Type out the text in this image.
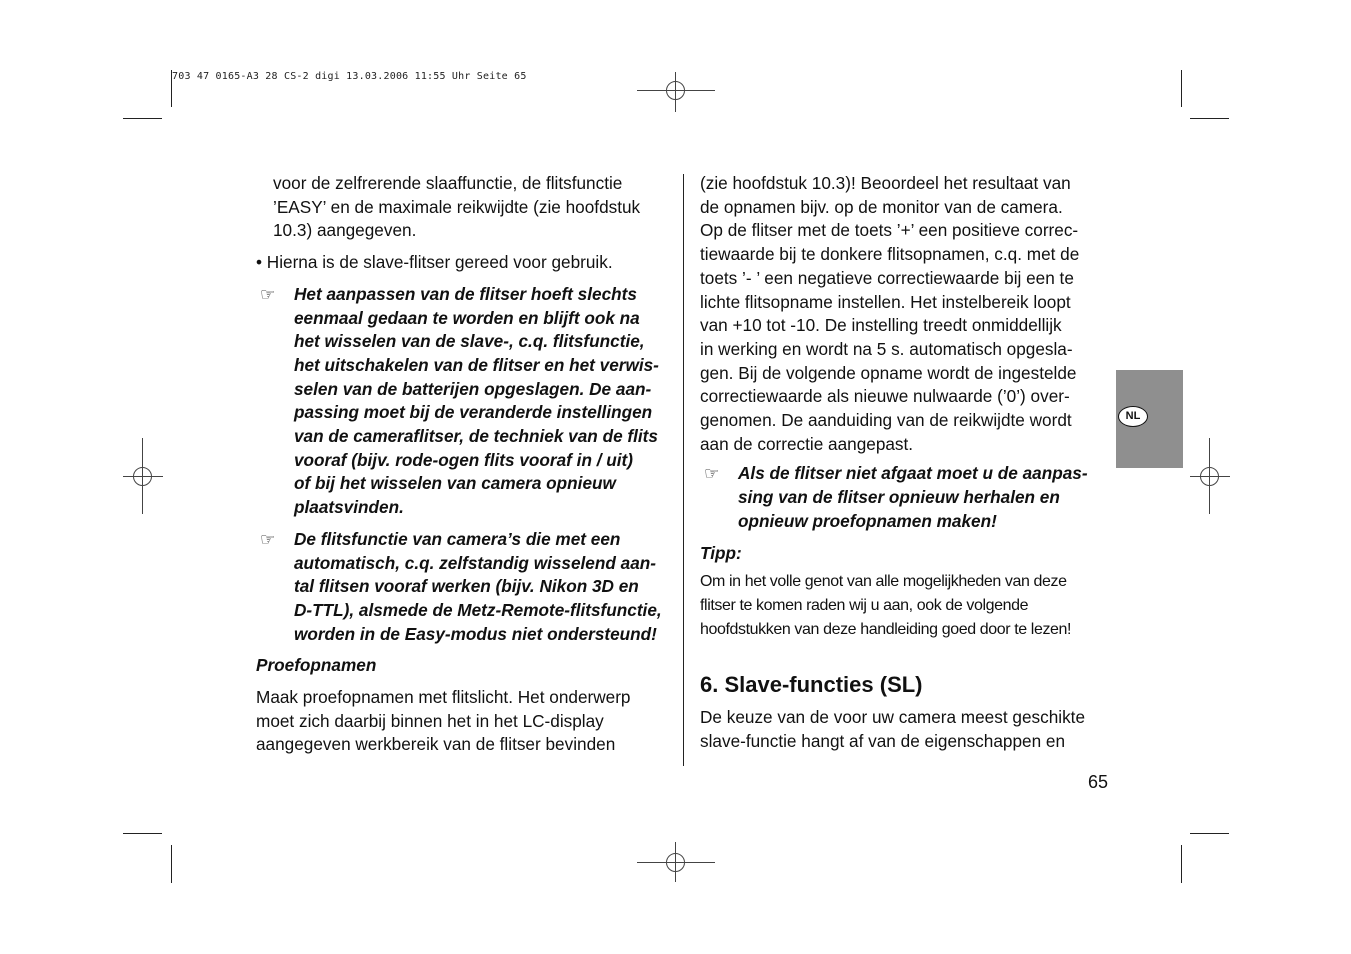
703 47 0165-A3 28 CS-2 digi 13.03.2006 11:55 Uhr Seite 65

voor de zelfrerende slaaffunctie, de flitsfunctie

’EASY’ en de maximale reikwijdte (zie hoofdstuk

10.3) aangegeven.

• Hierna is de slave-flitser gereed voor gebruik.

☞ Het aanpassen van de flitser hoeft slechts
eenmaal gedaan te worden en blijft ook na
het wisselen van de slave-, c.q. flitsfunctie,
het uitschakelen van de flitser en het verwis-
selen van de batterijen opgeslagen. De aan-
passing moet bij de veranderde instellingen
van de cameraflitser, de techniek van de flits
vooraf (bijv. rode-ogen flits vooraf in / uit)
of bij het wisselen van camera opnieuw
plaatsvinden.
☞ De flitsfunctie van camera’s die met een
automatisch, c.q. zelfstandig wisselend aan-
tal flitsen vooraf werken (bijv. Nikon 3D en
D-TTL), alsmede de Metz-Remote-flitsfunctie,
worden in de Easy-modus niet ondersteund!

Proefopnamen

Maak proefopnamen met flitslicht. Het onderwerp

moet zich daarbij binnen het in het LC-display

aangegeven werkbereik van de flitser bevinden

(zie hoofdstuk 10.3)! Beoordeel het resultaat van

de opnamen bijv. op de monitor van de camera.

Op de flitser met de toets ’+’ een positieve correc-

tiewaarde bij te donkere flitsopnamen, c.q. met de

toets ’- ’ een negatieve correctiewaarde bij een te

lichte flitsopname instellen. Het instelbereik loopt

van +10 tot -10. De instelling treedt onmiddellijk

in werking en wordt na 5 s. automatisch opgesla-

gen. Bij de volgende opname wordt de ingestelde

correctiewaarde als nieuwe nulwaarde (’0’) over-

genomen. De aanduiding van de reikwijdte wordt

aan de correctie aangepast.

☞ Als de flitser niet afgaat moet u de aanpas-
sing van de flitser opnieuw herhalen en
opnieuw proefopnamen maken!

Tipp:

Om in het volle genot van alle mogelijkheden van deze
flitser te komen raden wij u aan, ook de volgende
hoofdstukken van deze handleiding goed door te lezen!

6. Slave-functies (SL)

De keuze van de voor uw camera meest geschikte

slave-functie hangt af van de eigenschappen en

NL
65
